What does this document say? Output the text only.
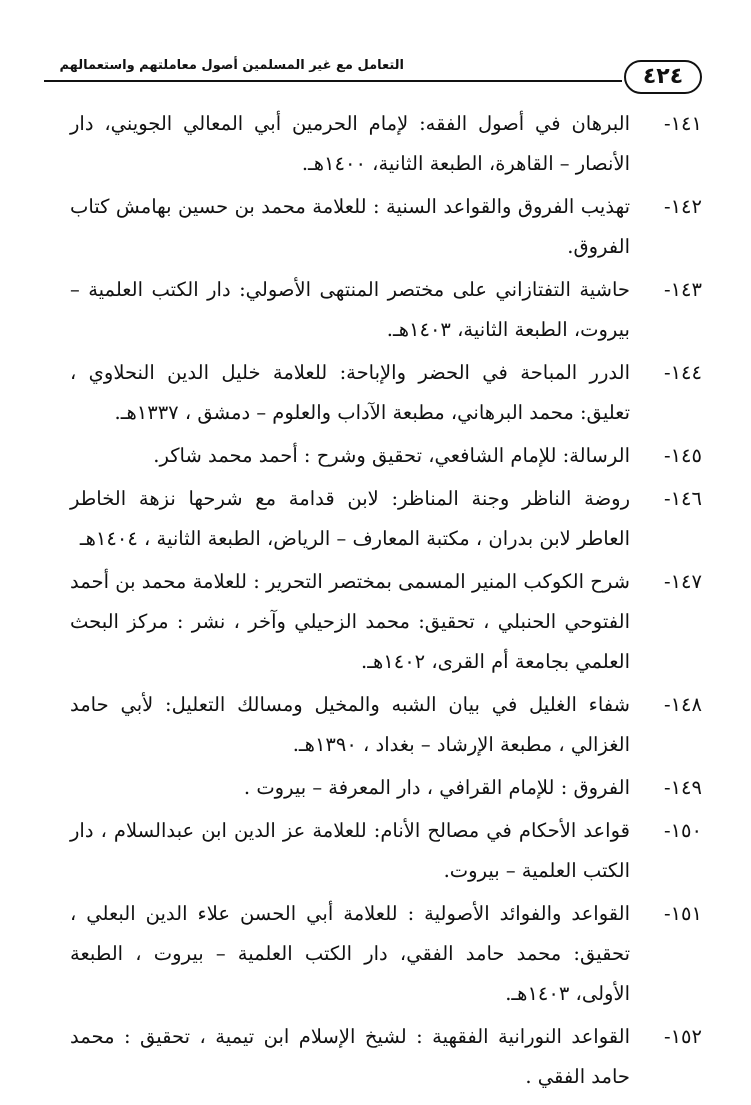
التعامل مع غير المسلمين أصول معاملتهم واستعمالهم	٤٢٤
١٤١-
البرهان في أصول الفقه: لإمام الحرمين أبي المعالي الجويني، دار الأنصار – القاهرة، الطبعة الثانية، ١٤٠٠هـ.
١٤٢-
تهذيب الفروق والقواعد السنية : للعلامة محمد بن حسين بهامش كتاب الفروق.
١٤٣-
حاشية التفتازاني على مختصر المنتهى الأصولي: دار الكتب العلمية – بيروت، الطبعة الثانية، ١٤٠٣هـ.
١٤٤-
الدرر المباحة في الحضر والإباحة: للعلامة خليل الدين النحلاوي ، تعليق: محمد البرهاني، مطبعة الآداب والعلوم – دمشق ، ١٣٣٧هـ.
١٤٥-
الرسالة: للإمام الشافعي، تحقيق وشرح : أحمد محمد شاكر.
١٤٦-
روضة الناظر وجنة المناظر: لابن قدامة مع شرحها نزهة الخاطر العاطر لابن بدران ، مكتبة المعارف – الرياض، الطبعة الثانية ، ١٤٠٤هـ
١٤٧-
شرح الكوكب المنير المسمى بمختصر التحرير : للعلامة محمد بن أحمد الفتوحي الحنبلي ، تحقيق: محمد الزحيلي وآخر ، نشر : مركز البحث العلمي بجامعة أم القرى، ١٤٠٢هـ.
١٤٨-
شفاء الغليل في بيان الشبه والمخيل ومسالك التعليل: لأبي حامد الغزالي ، مطبعة الإرشاد – بغداد ، ١٣٩٠هـ.
١٤٩-
الفروق : للإمام القرافي ، دار المعرفة – بيروت .
١٥٠-
قواعد الأحكام في مصالح الأنام: للعلامة عز الدين ابن عبدالسلام ، دار الكتب العلمية – بيروت.
١٥١-
القواعد والفوائد الأصولية : للعلامة أبي الحسن علاء الدين البعلي ، تحقيق: محمد حامد الفقي، دار الكتب العلمية – بيروت ، الطبعة الأولى، ١٤٠٣هـ.
١٥٢-
القواعد النورانية الفقهية : لشيخ الإسلام ابن تيمية ، تحقيق : محمد حامد الفقي .
